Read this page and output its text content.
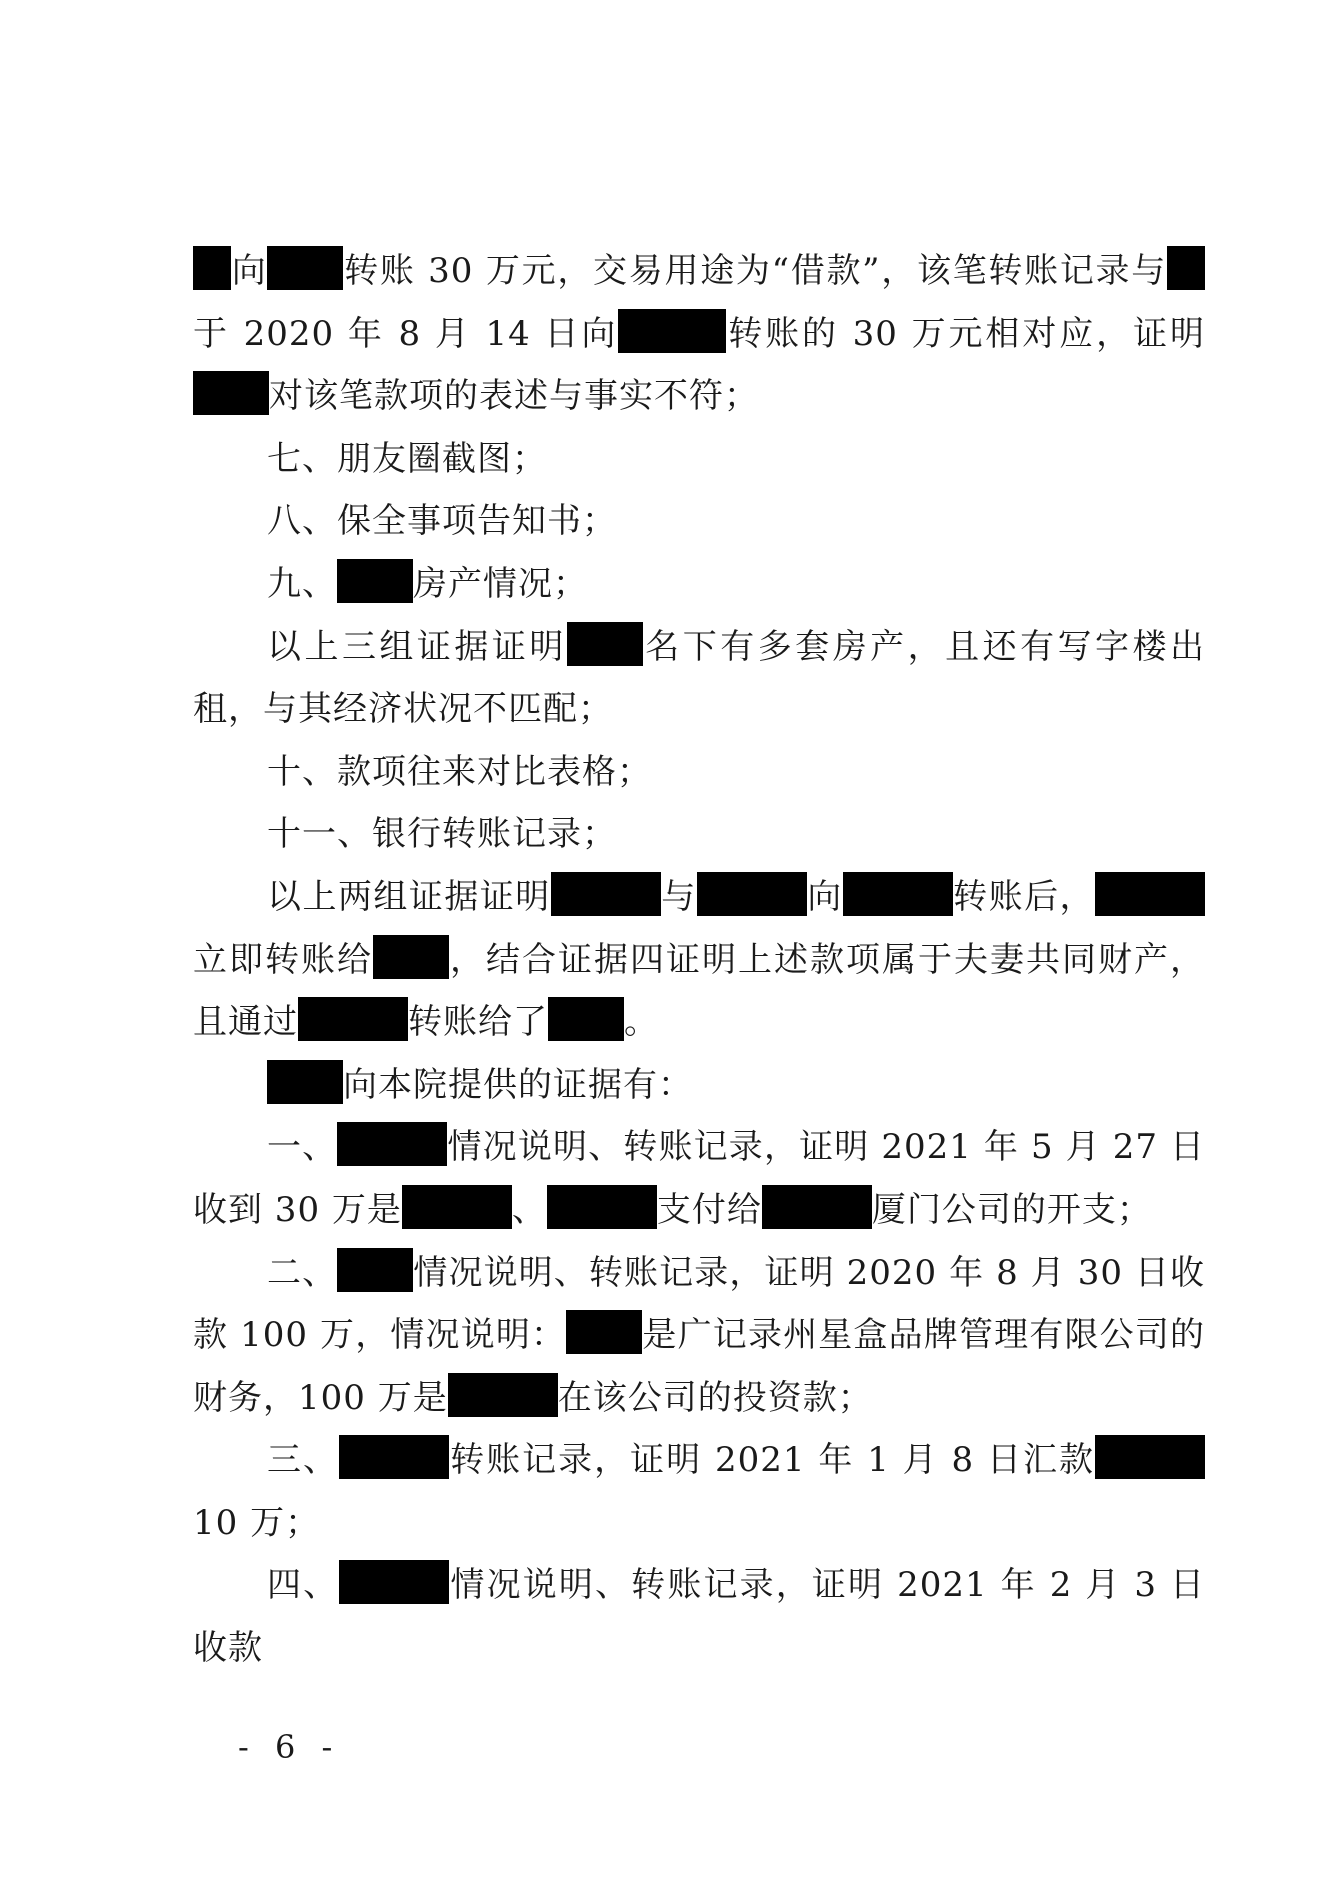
向 转账 30 万元，交易用途为“借款”，该笔转账记录与于 2020 年 8 月 14 日向	转账的 30 万元相对应，证明对该笔款项的表述与事实不符；

七、朋友圈截图；

八、保全事项告知书；

九、 房产情况；

以上三组证据证明 名下有多套房产，且还有写字楼出租，与其经济状况不匹配；

十、款项往来对比表格；

十一、银行转账记录；

以上两组证据证明	与	向	转账后，立即转账给 ，结合证据四证明上述款项属于夫妻共同财产，且通过	转账给了 。

向本院提供的证据有：

一、	情况说明、转账记录，证明 2021 年 5 月 27 日收到 30 万是	、	支付给	厦门公司的开支；

二、 情况说明、转账记录，证明 2020 年 8 月 30 日收款 100 万，情况说明： 是广记录州星盒品牌管理有限公司的财务，100 万是	在该公司的投资款；

三、	转账记录，证明 2021 年 1 月 8 日汇款 10 万；

四、	情况说明、转账记录，证明 2021 年 2 月 3 日收款

- 6 -
